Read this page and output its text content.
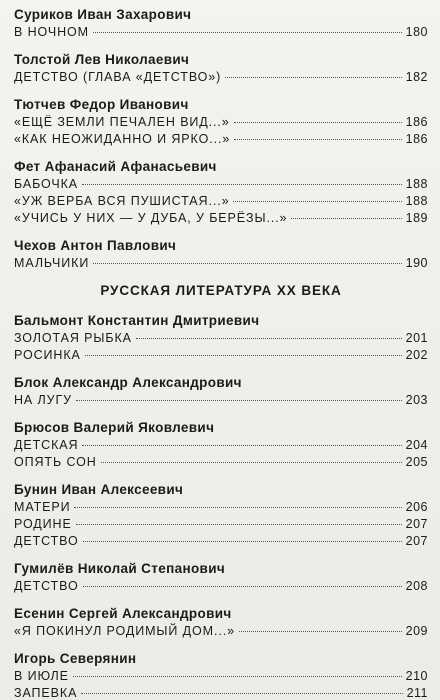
Суриков Иван Захарович
В НОЧНОМ	180
Толстой Лев Николаевич
ДЕТСТВО (ГЛАВА «ДЕТСТВО»)	182
Тютчев Федор Иванович
«ЕЩЁ ЗЕМЛИ ПЕЧАЛЕН ВИД...»	186
«КАК НЕОЖИДАННО И ЯРКО...»	186
Фет Афанасий Афанасьевич
БАБОЧКА	188
«УЖ ВЕРБА ВСЯ ПУШИСТАЯ...»	188
«УЧИСЬ У НИХ — У ДУБА, У БЕРЁЗЫ...»	189
Чехов Антон Павлович
МАЛЬЧИКИ	190
РУССКАЯ ЛИТЕРАТУРА XX ВЕКА
Бальмонт Константин Дмитриевич
ЗОЛОТАЯ РЫБКА	201
РОСИНКА	202
Блок Александр Александрович
НА ЛУГУ	203
Брюсов Валерий Яковлевич
ДЕТСКАЯ	204
ОПЯТЬ СОН	205
Бунин Иван Алексеевич
МАТЕРИ	206
РОДИНЕ	207
ДЕТСТВО	207
Гумилёв Николай Степанович
ДЕТСТВО	208
Есенин Сергей Александрович
«Я ПОКИНУЛ РОДИМЫЙ ДОМ...»	209
Игорь Северянин
В ИЮЛЕ	210
ЗАПЕВКА	211
